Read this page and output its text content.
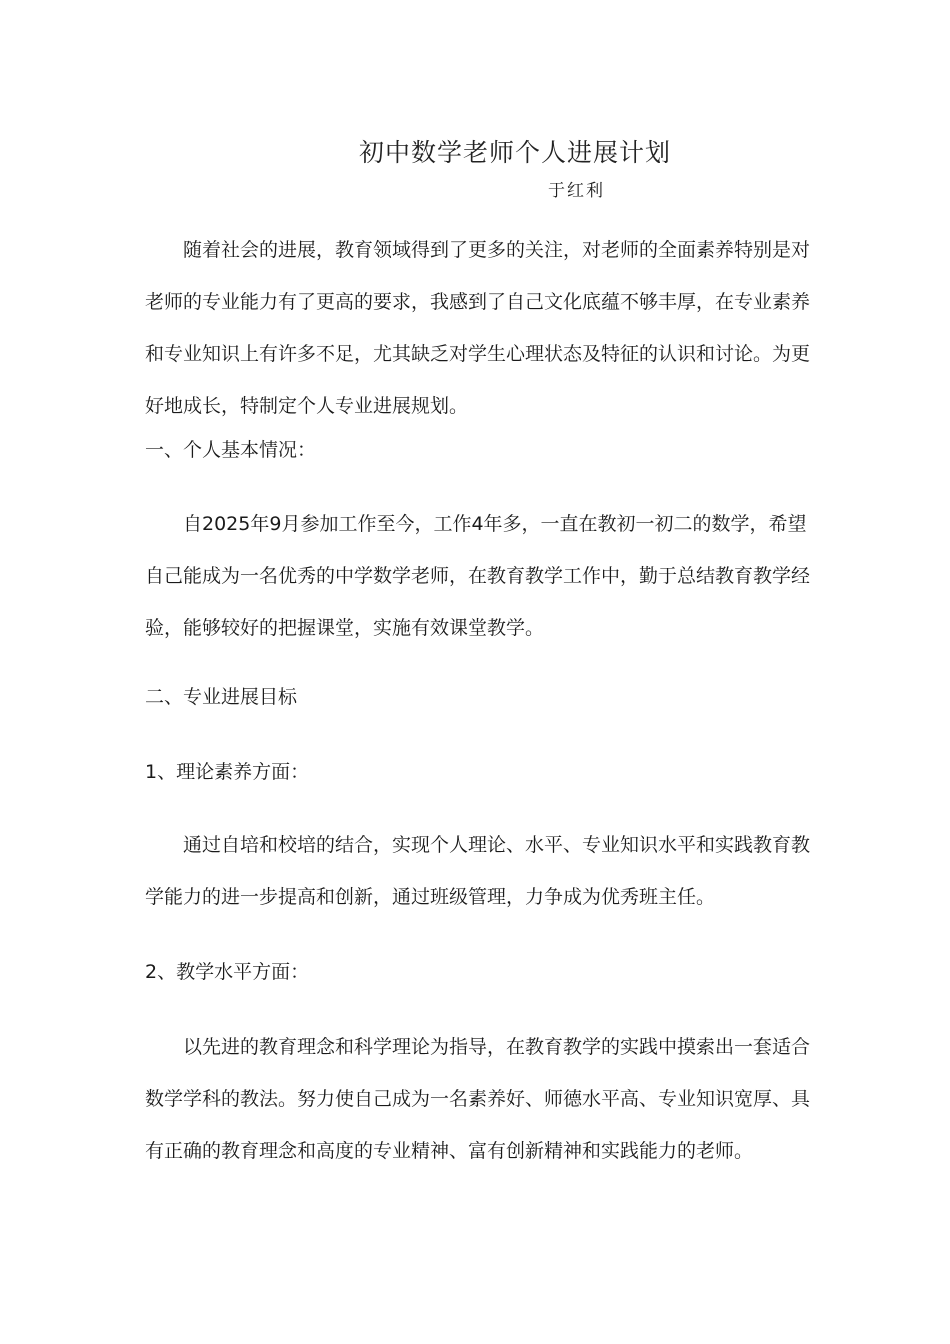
初中数学老师个人进展计划
于红利

随着社会的进展，教育领域得到了更多的关注，对老师的全面素养特别是对老师的专业能力有了更高的要求，我感到了自己文化底蕴不够丰厚，在专业素养和专业知识上有许多不足，尤其缺乏对学生心理状态及特征的认识和讨论。为更好地成长，特制定个人专业进展规划。

一、个人基本情况：

自2025年9月参加工作至今，工作4年多，一直在教初一初二的数学，希望自己能成为一名优秀的中学数学老师，在教育教学工作中，勤于总结教育教学经验，能够较好的把握课堂，实施有效课堂教学。

二、专业进展目标

1、理论素养方面：

通过自培和校培的结合，实现个人理论、水平、专业知识水平和实践教育教学能力的进一步提高和创新，通过班级管理，力争成为优秀班主任。

2、教学水平方面：

以先进的教育理念和科学理论为指导，在教育教学的实践中摸索出一套适合数学学科的教法。努力使自己成为一名素养好、师德水平高、专业知识宽厚、具有正确的教育理念和高度的专业精神、富有创新精神和实践能力的老师。
